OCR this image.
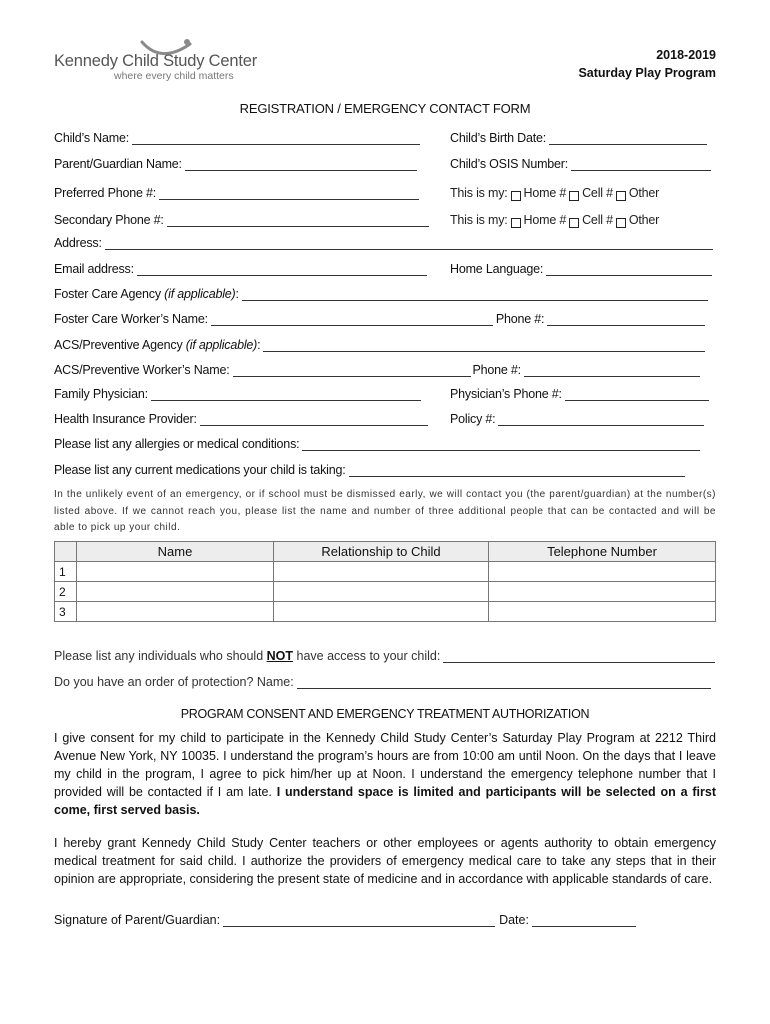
Kennedy Child Study Center
where every child matters
2018-2019
Saturday Play Program
REGISTRATION / EMERGENCY CONTACT FORM
Child’s Name:	Child’s Birth Date:
Parent/Guardian Name:	Child’s OSIS Number:
Preferred Phone #:	This is my: Home # Cell # Other
Secondary Phone #:	This is my: Home # Cell # Other
Address:
Email address:	Home Language:
Foster Care Agency
(if applicable) :
Foster Care Worker’s Name:	Phone #:
ACS/Preventive Agency
(if applicable) :
ACS/Preventive Worker’s Name:	Phone #:
Family Physician:	Physician’s Phone #:
Health Insurance Provider:	Policy #:
Please list any allergies or medical conditions:
Please list any current medications your child is taking:
In the unlikely event of an emergency, or if school must be dismissed early, we will contact you (the parent/guardian) at the number(s) listed above. If we cannot reach you, please list the name and number of three additional people that can be contacted and will be able to pick up your child.
	Name	Relationship to Child	Telephone Number
1			
2			
3			
Please list any individuals who should NOT have access to your child:
Do you have an order of protection? Name:
PROGRAM CONSENT AND EMERGENCY TREATMENT AUTHORIZATION
I give consent for my child to participate in the Kennedy Child Study Center’s Saturday Play Program at 2212 Third Avenue New York, NY 10035. I understand the program’s hours are from 10:00 am until Noon. On the days that I leave my child in the program, I agree to pick him/her up at Noon. I understand the emergency telephone number that I provided will be contacted if I am late. I understand space is limited and participants will be selected on a first come, first served basis.
I hereby grant Kennedy Child Study Center teachers or other employees or agents authority to obtain emergency medical treatment for said child. I authorize the providers of emergency medical care to take any steps that in their opinion are appropriate, considering the present state of medicine and in accordance with applicable standards of care.
Signature of Parent/Guardian:	Date:
